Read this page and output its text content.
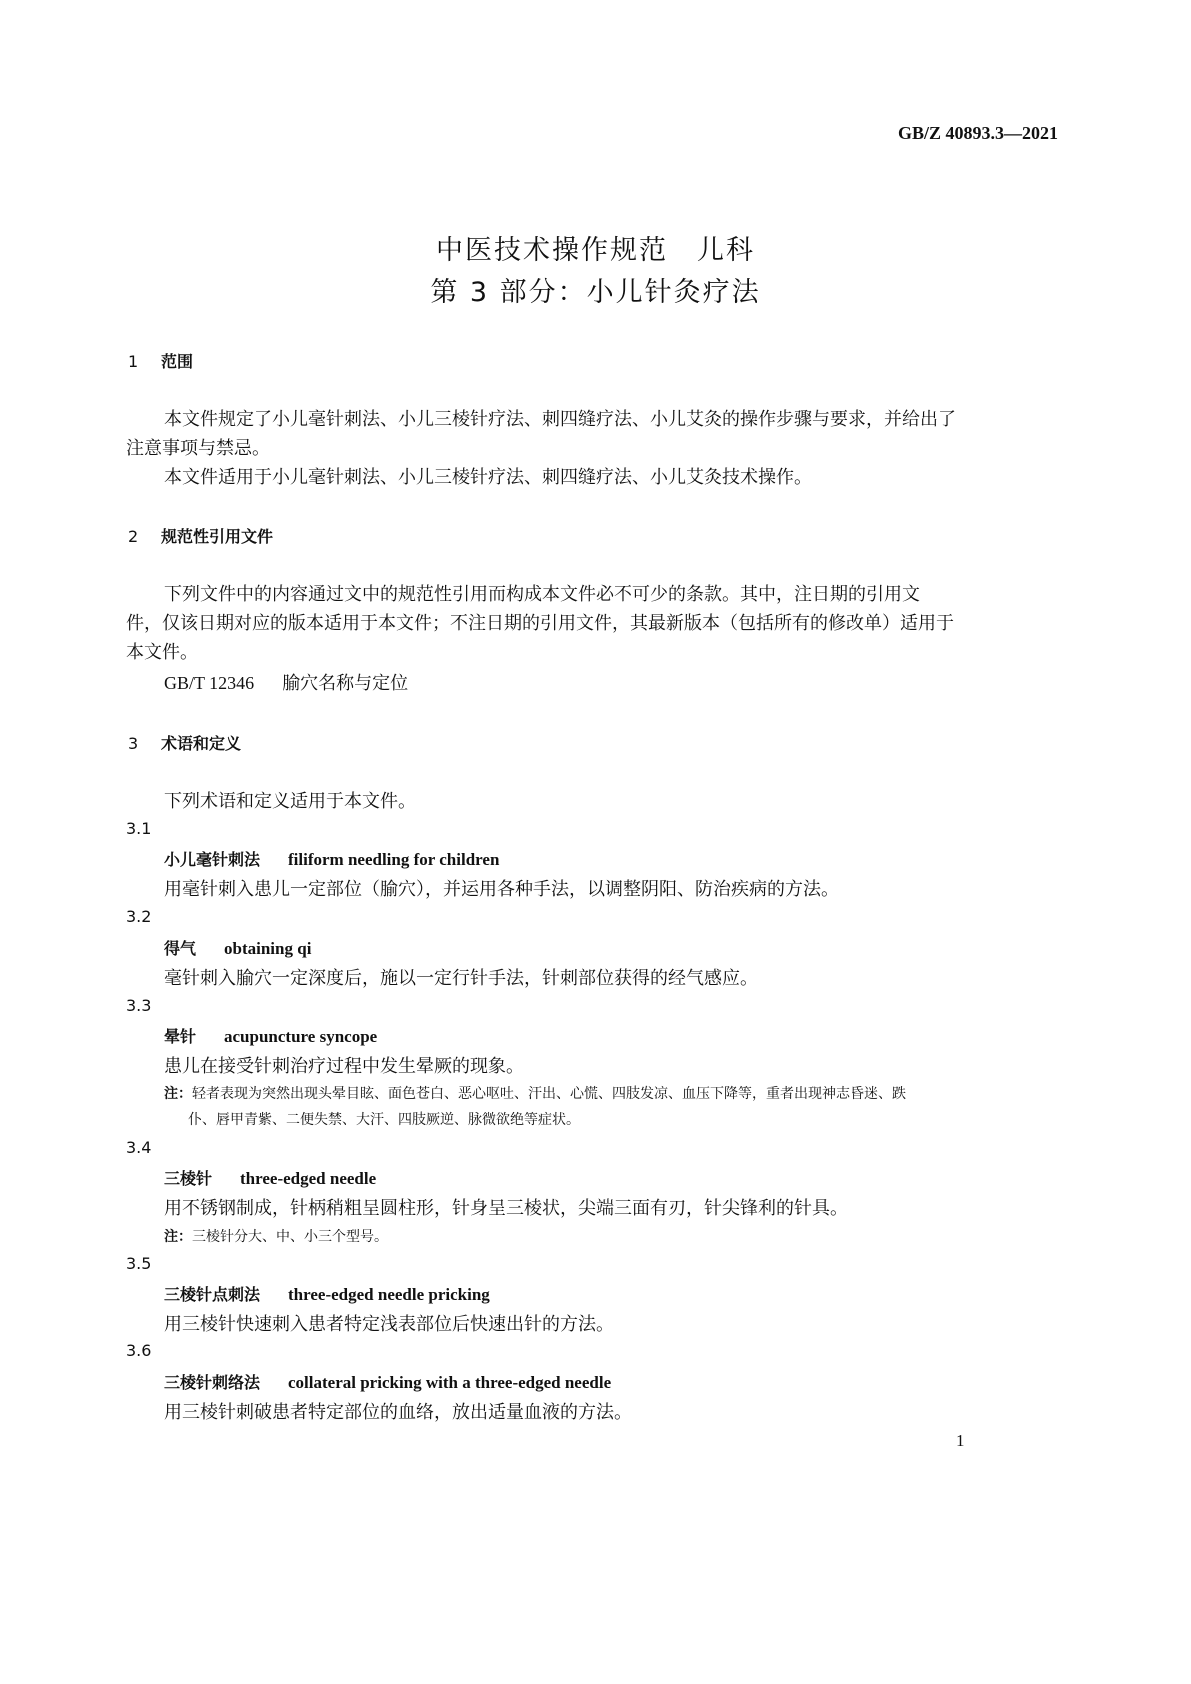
GB/Z 40893.3—2021
中医技术操作规范　儿科
第 3 部分：小儿针灸疗法
1 范围
本文件规定了小儿毫针刺法、小儿三棱针疗法、刺四缝疗法、小儿艾灸的操作步骤与要求，并给出了
注意事项与禁忌。
本文件适用于小儿毫针刺法、小儿三棱针疗法、刺四缝疗法、小儿艾灸技术操作。
2 规范性引用文件
下列文件中的内容通过文中的规范性引用而构成本文件必不可少的条款。其中，注日期的引用文
件，仅该日期对应的版本适用于本文件；不注日期的引用文件，其最新版本（包括所有的修改单）适用于
本文件。
GB/T 12346 腧穴名称与定位
3 术语和定义
下列术语和定义适用于本文件。
3.1
小儿毫针刺法 filiform needling for children
用毫针刺入患儿一定部位（腧穴），并运用各种手法，以调整阴阳、防治疾病的方法。
3.2
得气 obtaining qi
毫针刺入腧穴一定深度后，施以一定行针手法，针刺部位获得的经气感应。
3.3
晕针 acupuncture syncope
患儿在接受针刺治疗过程中发生晕厥的现象。
注：轻者表现为突然出现头晕目眩、面色苍白、恶心呕吐、汗出、心慌、四肢发凉、血压下降等，重者出现神志昏迷、跌
仆、唇甲青紫、二便失禁、大汗、四肢厥逆、脉微欲绝等症状。
3.4
三棱针 three-edged needle
用不锈钢制成，针柄稍粗呈圆柱形，针身呈三棱状，尖端三面有刃，针尖锋利的针具。
注：三棱针分大、中、小三个型号。
3.5
三棱针点刺法 three-edged needle pricking
用三棱针快速刺入患者特定浅表部位后快速出针的方法。
3.6
三棱针刺络法 collateral pricking with a three-edged needle
用三棱针刺破患者特定部位的血络，放出适量血液的方法。
1
